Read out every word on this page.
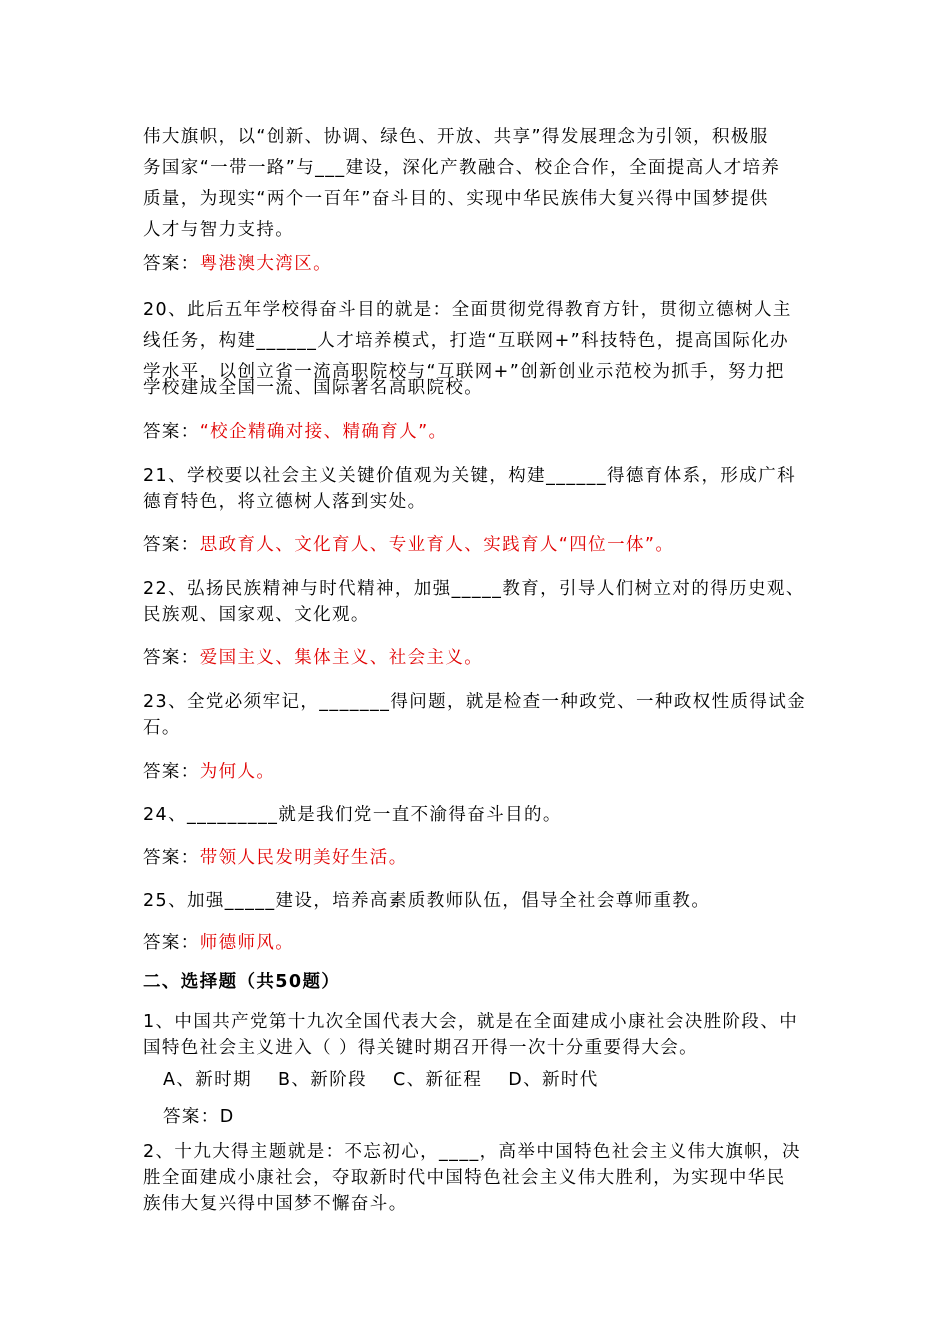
伟大旗帜，以“创新、协调、绿色、开放、共享”得发展理念为引领，积极服
务国家“一带一路”与___建设，深化产教融合、校企合作，全面提高人才培养
质量，为现实“两个一百年”奋斗目的、实现中华民族伟大复兴得中国梦提供
人才与智力支持。
答案：粤港澳大湾区。
20、此后五年学校得奋斗目的就是：全面贯彻党得教育方针，贯彻立德树人主
线任务，构建______人才培养模式，打造“互联网+”科技特色，提高国际化办
学水平，以创立省一流高职院校与“互联网+”创新创业示范校为抓手，努力把
学校建成全国一流、国际著名高职院校。
答案：“校企精确对接、精确育人”。
21、学校要以社会主义关键价值观为关键，构建______得德育体系，形成广科
德育特色，将立德树人落到实处。
答案：思政育人、文化育人、专业育人、实践育人“四位一体”。
22、弘扬民族精神与时代精神，加强_____教育，引导人们树立对的得历史观、
民族观、国家观、文化观。
答案：爱国主义、集体主义、社会主义。
23、全党必须牢记，_______得问题，就是检查一种政党、一种政权性质得试金
石。
答案：为何人。
24、_________就是我们党一直不渝得奋斗目的。
答案：带领人民发明美好生活。
25、加强_____建设，培养高素质教师队伍，倡导全社会尊师重教。
答案：师德师风。
二、选择题（共50题）
1、中国共产党第十九次全国代表大会，就是在全面建成小康社会决胜阶段、中
国特色社会主义进入（ ）得关键时期召开得一次十分重要得大会。
A、新时期 B、新阶段 C、新征程 D、新时代
答案：D
2、十九大得主题就是：不忘初心，____，高举中国特色社会主义伟大旗帜，决
胜全面建成小康社会，夺取新时代中国特色社会主义伟大胜利，为实现中华民
族伟大复兴得中国梦不懈奋斗。
